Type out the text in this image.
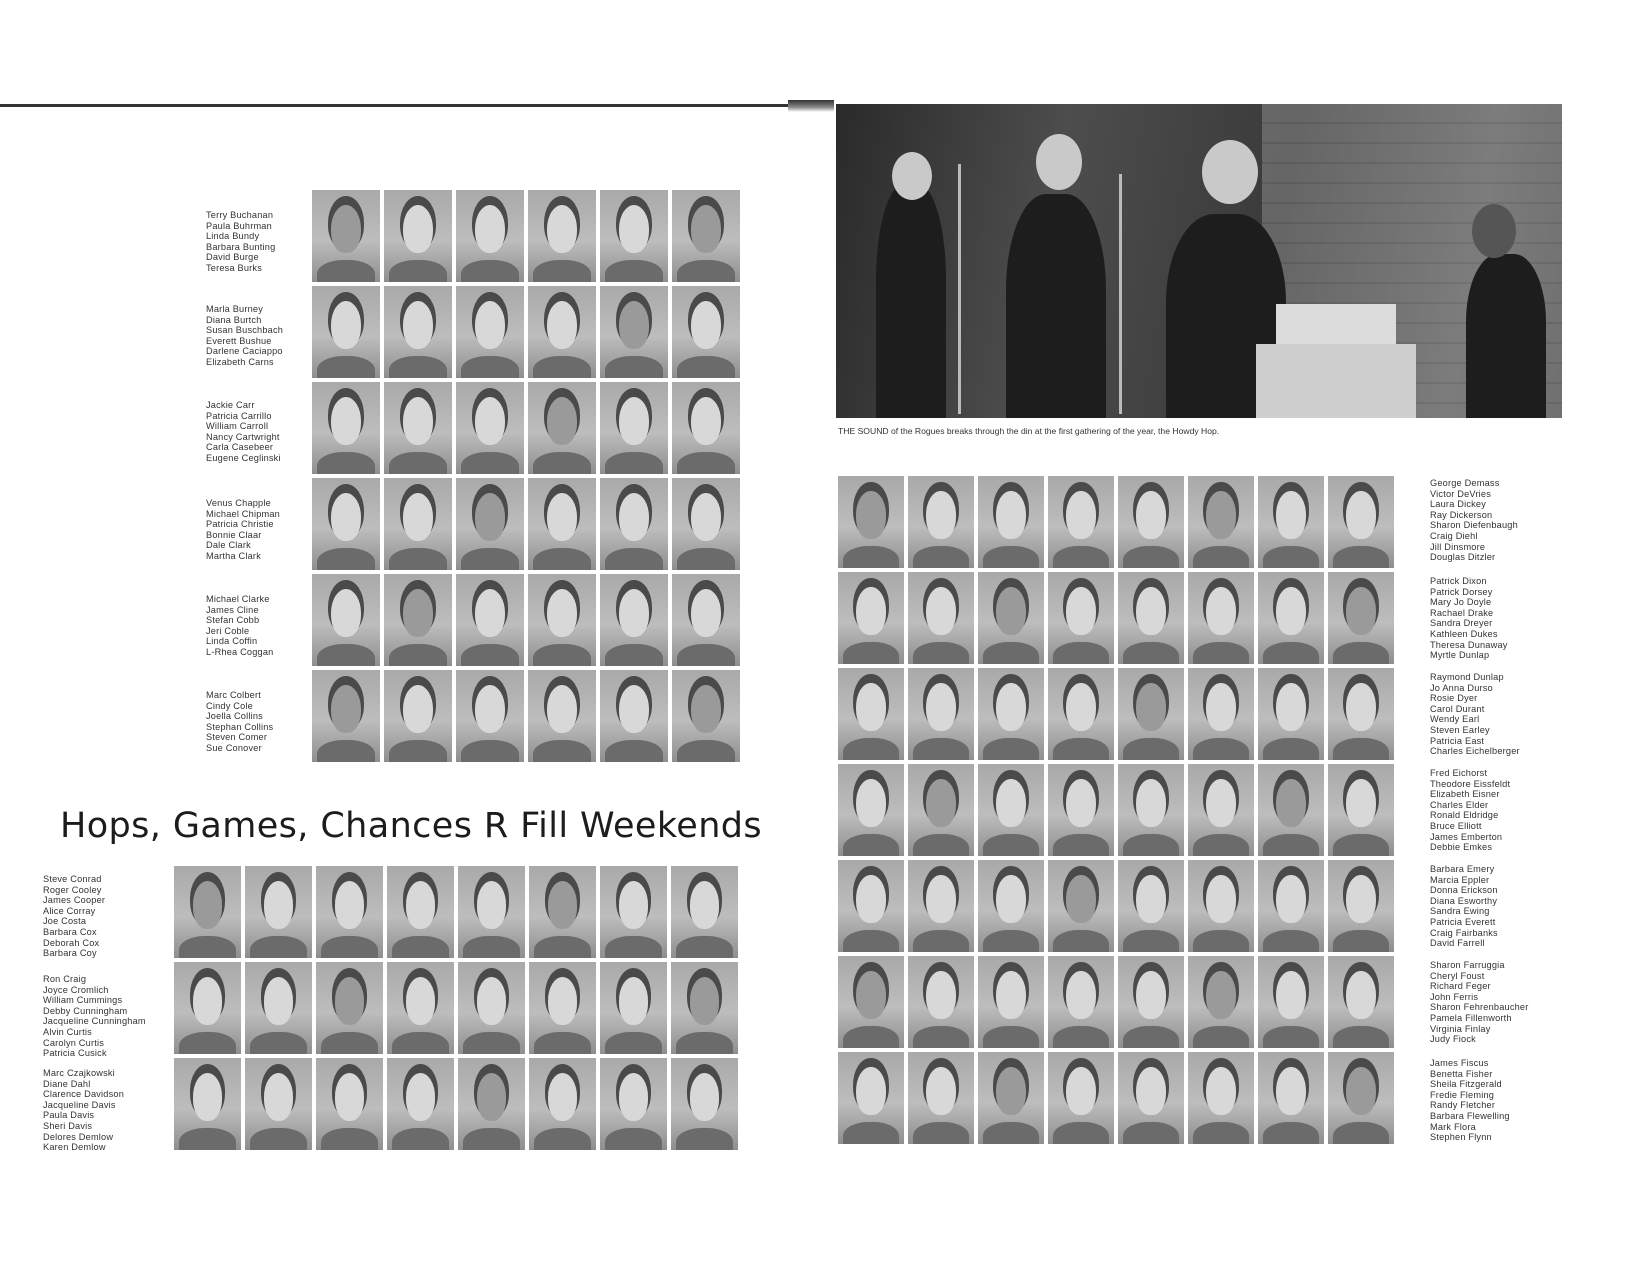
Terry Buchanan
Paula Buhrman
Linda Bundy
Barbara Bunting
David Burge
Teresa Burks
Marla Burney
Diana Burtch
Susan Buschbach
Everett Bushue
Darlene Caciappo
Elizabeth Carns
Jackie Carr
Patricia Carrillo
William Carroll
Nancy Cartwright
Carla Casebeer
Eugene Ceglinski
Venus Chapple
Michael Chipman
Patricia Christie
Bonnie Claar
Dale Clark
Martha Clark
Michael Clarke
James Cline
Stefan Cobb
Jeri Coble
Linda Coffin
L-Rhea Coggan
Marc Colbert
Cindy Cole
Joella Collins
Stephan Collins
Steven Comer
Sue Conover
Hops, Games, Chances R Fill Weekends
Steve Conrad
Roger Cooley
James Cooper
Alice Corray
Joe Costa
Barbara Cox
Deborah Cox
Barbara Coy
Ron Craig
Joyce Cromlich
William Cummings
Debby Cunningham
Jacqueline Cunningham
Alvin Curtis
Carolyn Curtis
Patricia Cusick
Marc Czajkowski
Diane Dahl
Clarence Davidson
Jacqueline Davis
Paula Davis
Sheri Davis
Delores Demlow
Karen Demlow
THE SOUND of the Rogues breaks through the din at the first gathering of the year, the Howdy Hop.
George Demass
Victor DeVries
Laura Dickey
Ray Dickerson
Sharon Diefenbaugh
Craig Diehl
Jill Dinsmore
Douglas Ditzler
Patrick Dixon
Patrick Dorsey
Mary Jo Doyle
Rachael Drake
Sandra Dreyer
Kathleen Dukes
Theresa Dunaway
Myrtle Dunlap
Raymond Dunlap
Jo Anna Durso
Rosie Dyer
Carol Durant
Wendy Earl
Steven Earley
Patricia East
Charles Eichelberger
Fred Eichorst
Theodore Eissfeldt
Elizabeth Eisner
Charles Elder
Ronald Eldridge
Bruce Elliott
James Emberton
Debbie Emkes
Barbara Emery
Marcia Eppler
Donna Erickson
Diana Esworthy
Sandra Ewing
Patricia Everett
Craig Fairbanks
David Farrell
Sharon Farruggia
Cheryl Foust
Richard Feger
John Ferris
Sharon Fehrenbaucher
Pamela Fillenworth
Virginia Finlay
Judy Fiock
James Fiscus
Benetta Fisher
Sheila Fitzgerald
Fredie Fleming
Randy Fletcher
Barbara Flewelling
Mark Flora
Stephen Flynn
